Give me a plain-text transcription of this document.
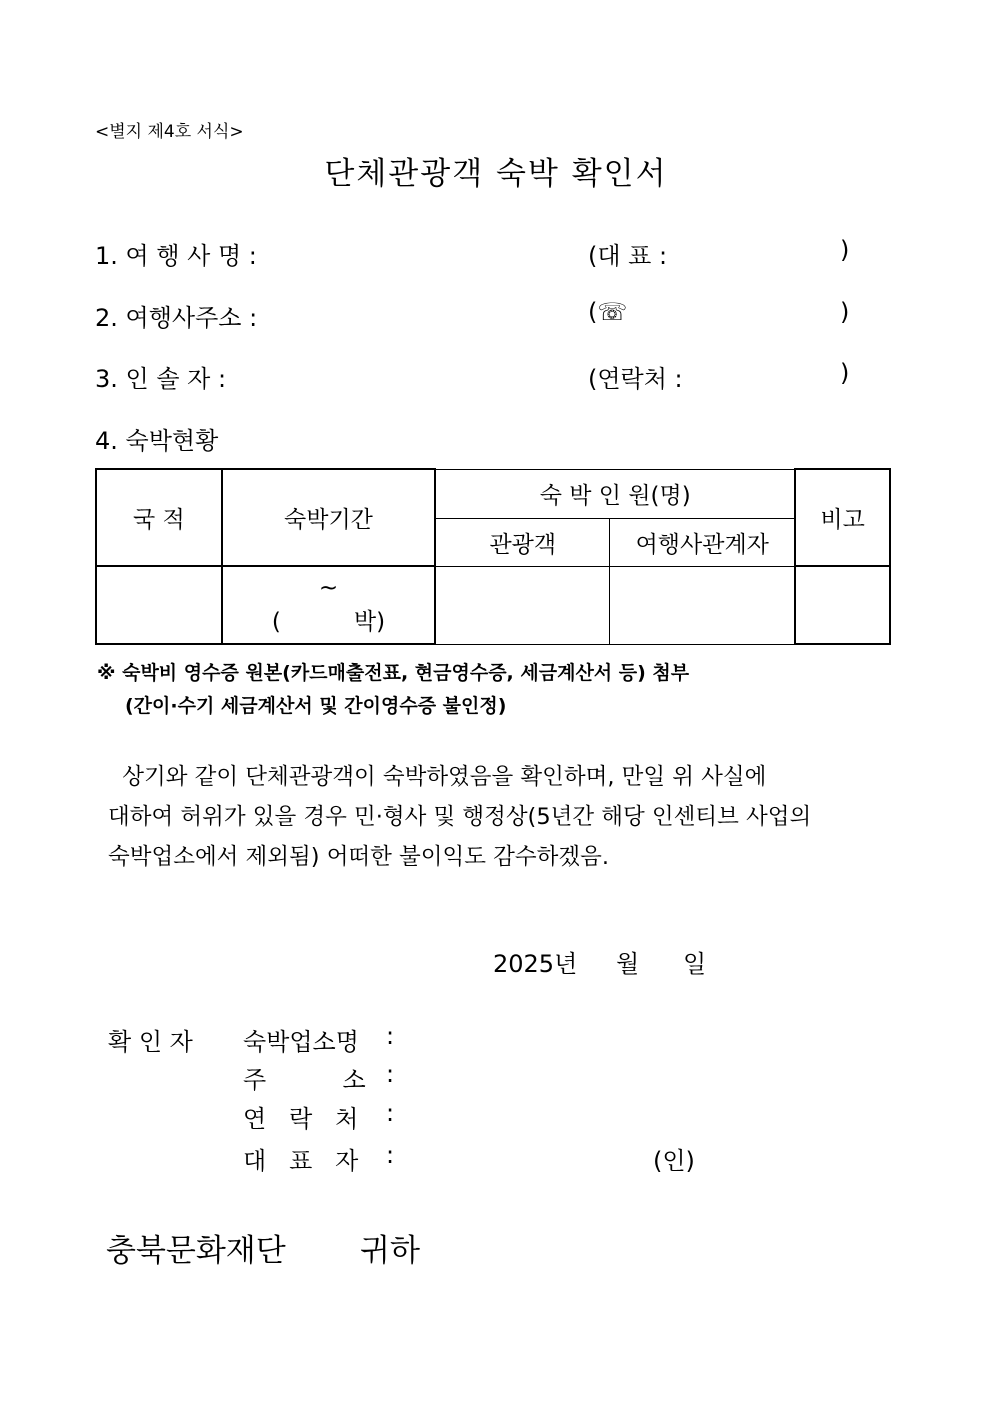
<별지 제4호 서식>
단체관광객 숙박 확인서
1. 여 행 사 명 :	(대 표 :	)
2. 여행사주소 :	(☏	)
3. 인 솔 자 :	(연락처 :	)
4. 숙박현황
국 적	숙박기간	숙 박 인 원(명)		비고
		관광객	여행사관계자	

	~
(          박)			

※ 숙박비 영수증 원본(카드매출전표, 현금영수증, 세금계산서 등) 첨부
(간이·수기 세금계산서 및 간이영수증 불인정)
상기와 같이 단체관광객이 숙박하였음을 확인하며, 만일 위 사실에
대하여 허위가 있을 경우 민·형사 및 행정상(5년간 해당 인센티브 사업의
숙박업소에서 제외됨) 어떠한 불이익도 감수하겠음.
2025년 월 일
확 인 자 숙박업소명 :
주          소 :
연   락   처 :
대   표   자 :	(인)
충북문화재단 귀하
